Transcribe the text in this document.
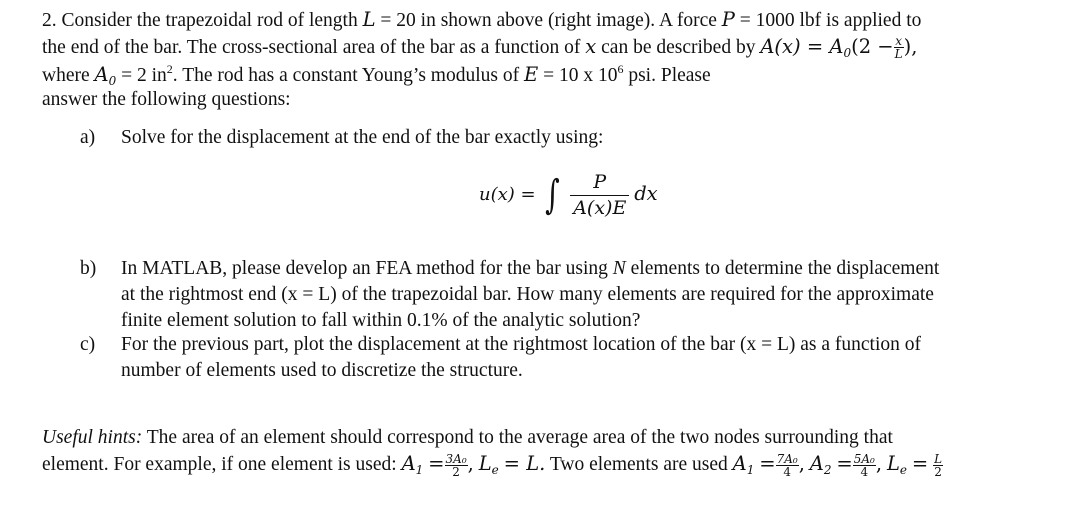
2. Consider the trapezoidal rod of length L = 20 in shown above (right image). A force P = 1000 lbf is applied to
the end of the bar. The cross-sectional area of the bar as a function of x can be described by $A(x) = A_0(2 - \frac{x}{L}$ ),
where $A_0 = 2$ $in^2$. The rod has a constant Young’s modulus of E = 10 x $10^6$ psi. Please
answer the following questions:
a) Solve for the displacement at the end of the bar exactly using:
u(x) = ∫ $\frac{P}{A(x)E}$ dx
b) In MATLAB, please develop an FEA method for the bar using N elements to determine the displacement
at the rightmost end (x = L) of the trapezoidal bar. How many elements are required for the approximate
finite element solution to fall within 0.1% of the analytic solution?
c) For the previous part, plot the displacement at the rightmost location of the bar (x = L) as a function of
number of elements used to discretize the structure.
Useful hints: The area of an element should correspond to the average area of the two nodes surrounding that
element. For example, if one element is used: $A_1 = \frac{\text{3A₀}}{2}$ , $L_e = L$. Two elements are used $A_1 = \frac{\text{7A₀}}{4}$ , $A_2 = \frac{\text{5A₀}}{4}$ , $L_e = \frac{L}{2}$
